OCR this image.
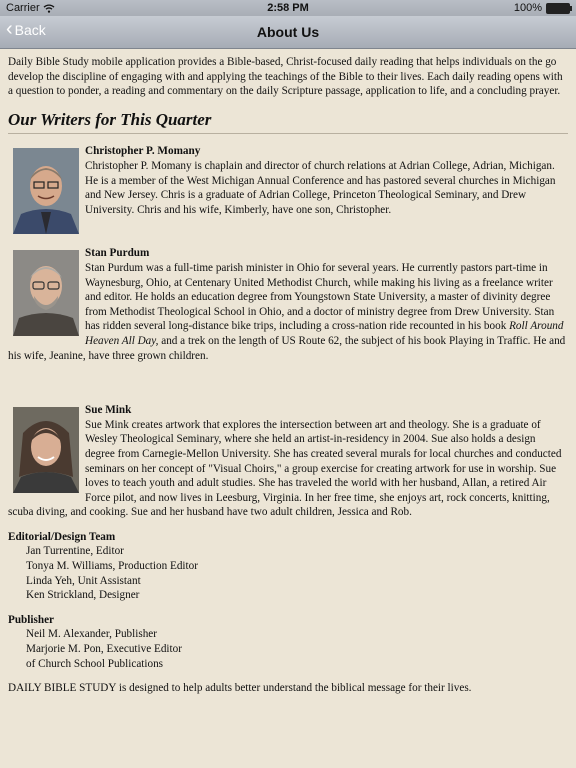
Carrier	2:58 PM	100%
‹ Back	About Us

Daily Bible Study mobile application provides a Bible-based, Christ-focused daily reading that helps individuals on the go develop the discipline of engaging with and applying the teachings of the Bible to their lives. Each daily reading opens with a question to ponder, a reading and commentary on the daily Scripture passage, application to life, and a concluding prayer.

Our Writers for This Quarter
Christopher P. Momany
Christopher P. Momany is chaplain and director of church relations at Adrian College, Adrian, Michigan. He is a member of the West Michigan Annual Conference and has pastored several churches in Michigan and New Jersey. Chris is a graduate of Adrian College, Princeton Theological Seminary, and Drew University. Chris and his wife, Kimberly, have one son, Christopher.
Stan Purdum
Stan Purdum was a full-time parish minister in Ohio for several years. He currently pastors part-time in Waynesburg, Ohio, at Centenary United Methodist Church, while making his living as a freelance writer and editor. He holds an education degree from Youngstown State University, a master of divinity degree from Methodist Theological School in Ohio, and a doctor of ministry degree from Drew University. Stan has ridden several long-distance bike trips, including a cross-nation ride recounted in his book Roll Around Heaven All Day, and a trek on the length of US Route 62, the subject of his book Playing in Traffic. He and his wife, Jeanine, have three grown children.
Sue Mink
Sue Mink creates artwork that explores the intersection between art and theology. She is a graduate of Wesley Theological Seminary, where she held an artist-in-residency in 2004. Sue also holds a design degree from Carnegie-Mellon University. She has created several murals for local churches and conducted seminars on her concept of "Visual Choirs," a group exercise for creating artwork for use in worship. Sue loves to teach youth and adult studies. She has traveled the world with her husband, Allan, a retired Air Force pilot, and now lives in Leesburg, Virginia. In her free time, she enjoys art, rock concerts, knitting, scuba diving, and cooking. Sue and her husband have two adult children, Jessica and Rob.
Editorial/Design Team
Jan Turrentine, Editor
Tonya M. Williams, Production Editor
Linda Yeh, Unit Assistant
Ken Strickland, Designer
Publisher
Neil M. Alexander, Publisher
Marjorie M. Pon, Executive Editor
of Church School Publications
DAILY BIBLE STUDY is designed to help adults better understand the biblical message for their lives.
